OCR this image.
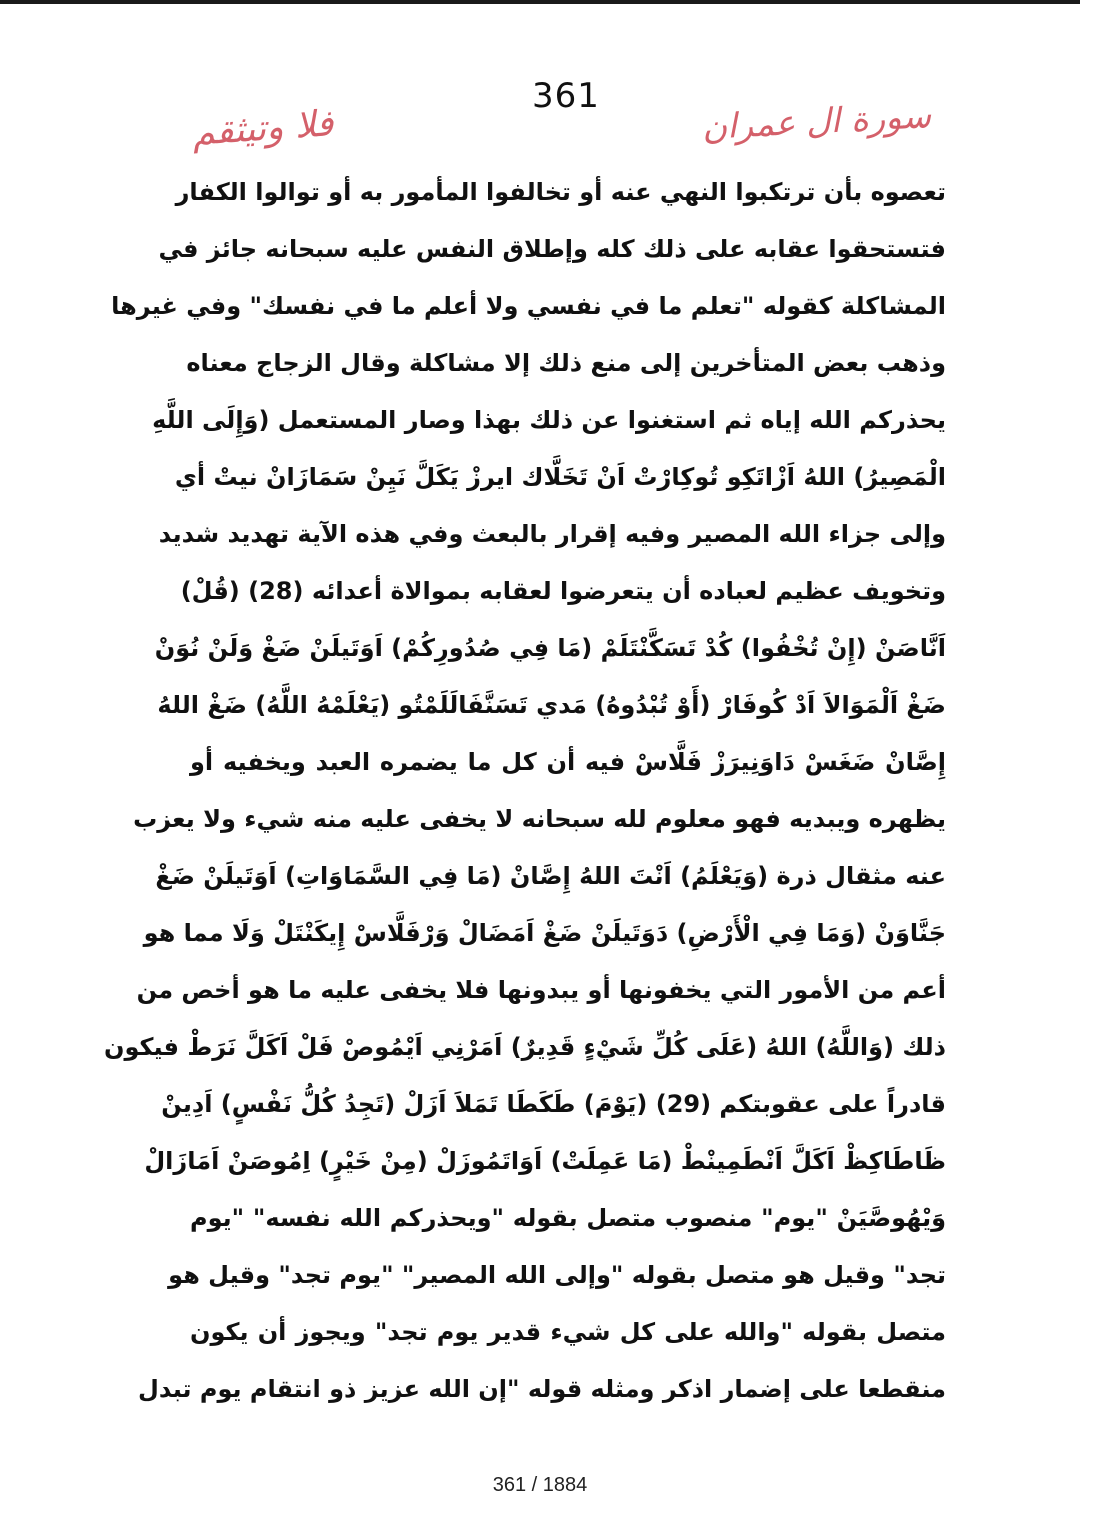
361
فلا وتيثقم	سورة ال عمران
تعصوه بأن ترتكبوا النهي عنه أو تخالفوا المأمور به أو توالوا الكفار
فتستحقوا عقابه على ذلك كله وإطلاق النفس عليه سبحانه جائز في
المشاكلة كقوله "تعلم ما في نفسي ولا أعلم ما في نفسك" وفي غيرها
وذهب بعض المتأخرين إلى منع ذلك إلا مشاكلة وقال الزجاج معناه
يحذركم الله إياه ثم استغنوا عن ذلك بهذا وصار المستعمل (وَإِلَى اللَّهِ
الْمَصِيرُ) اللهُ اَزْاتَكِو تُوكِارْتْ اَنْ تَخَلَّاك ايرزْ يَكَلَّ نَيِنْ سَمَازَانْ نيتْ أي
وإلى جزاء الله المصير وفيه إقرار بالبعث وفي هذه الآية تهديد شديد
وتخويف عظيم لعباده أن يتعرضوا لعقابه بموالاة أعدائه (28) (قُلْ)
اَنَّاصَنْ (إِنْ تُخْفُوا) كُدْ تَسَكَّنْتَلَمْ (مَا فِي صُدُورِكُمْ) اَوَتَيلَنْ ضَغْ وَلَنْ نُوَنْ
ضَغْ اَلْمَوَالاَ اَدْ كُوفَارْ (أَوْ تُبْدُوهُ) مَدي تَسَنَّفَالَلَمْتُو (يَعْلَمْهُ اللَّهُ) ضَغْ اللهُ
إِصَّانْ ضَغَسْ دَاوَنِيرَزْ فَلَّاسْ فيه أن كل ما يضمره العبد ويخفيه أو
يظهره ويبديه فهو معلوم لله سبحانه لا يخفى عليه منه شيء ولا يعزب
عنه مثقال ذرة (وَيَعْلَمُ) اَنْتَ اللهُ إِصَّانْ (مَا فِي السَّمَاوَاتِ) اَوَتَيلَنْ ضَغْ
جَنَّاوَنْ (وَمَا فِي الْأَرْضِ) دَوَتَيلَنْ ضَغْ اَمَضَالْ وَرْفَلَّاسْ إِيكَنْتَلْ وَلَا مما هو
أعم من الأمور التي يخفونها أو يبدونها فلا يخفى عليه ما هو أخص من
ذلك (وَاللَّهُ) اللهُ (عَلَى كُلِّ شَيْءٍ قَدِيرٌ) اَمَرْنِي اَيْمُوصْ فَلْ اَكَلَّ نَرَطْ فيكون
قادراً على عقوبتكم (29) (يَوْمَ) طَكَطَا تَمَلاَ اَزَلْ (تَجِدُ كُلُّ نَفْسٍ) اَدِينْ
ظَاطَاكِظْ اَكَلَّ اَنْطَمِينْطْ (مَا عَمِلَتْ) اَوَاتَمُوزَلْ (مِنْ خَيْرٍ) اِمُوصَنْ اَمَازَالْ
وَيْهُوصَّيَنْ "يوم" منصوب متصل بقوله "ويحذركم الله نفسه" "يوم
تجد" وقيل هو متصل بقوله "وإلى الله المصير" "يوم تجد" وقيل هو
متصل بقوله "والله على كل شيء قدير يوم تجد" ويجوز أن يكون
منقطعا على إضمار اذكر ومثله قوله "إن الله عزيز ذو انتقام يوم تبدل
361 / 1884
